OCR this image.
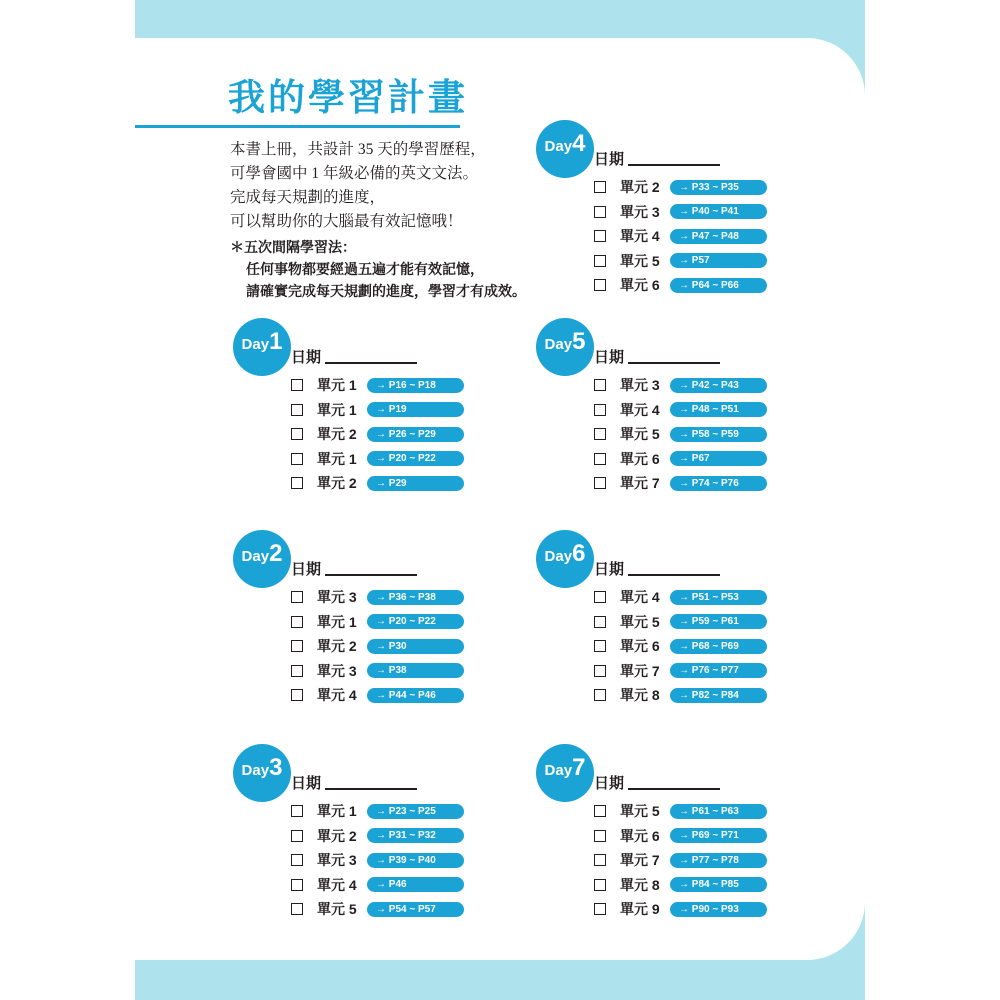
我的學習計畫
本書上冊，共設計 35 天的學習歷程，
可學會國中 1 年級必備的英文文法。
完成每天規劃的進度，
可以幫助你的大腦最有效記憶哦！
＊五次間隔學習法：
任何事物都要經過五遍才能有效記憶，
請確實完成每天規劃的進度，學習才有成效。
Day 1
日期
單元 1	→ P16 ~ P18
單元 1	→ P19
單元 2	→ P26 ~ P29
單元 1	→ P20 ~ P22
單元 2	→ P29
Day 2
日期
單元 3	→ P36 ~ P38
單元 1	→ P20 ~ P22
單元 2	→ P30
單元 3	→ P38
單元 4	→ P44 ~ P46
Day 3
日期
單元 1	→ P23 ~ P25
單元 2	→ P31 ~ P32
單元 3	→ P39 ~ P40
單元 4	→ P46
單元 5	→ P54 ~ P57
Day 4
日期
單元 2	→ P33 ~ P35
單元 3	→ P40 ~ P41
單元 4	→ P47 ~ P48
單元 5	→ P57
單元 6	→ P64 ~ P66
Day 5
日期
單元 3	→ P42 ~ P43
單元 4	→ P48 ~ P51
單元 5	→ P58 ~ P59
單元 6	→ P67
單元 7	→ P74 ~ P76
Day 6
日期
單元 4	→ P51 ~ P53
單元 5	→ P59 ~ P61
單元 6	→ P68 ~ P69
單元 7	→ P76 ~ P77
單元 8	→ P82 ~ P84
Day 7
日期
單元 5	→ P61 ~ P63
單元 6	→ P69 ~ P71
單元 7	→ P77 ~ P78
單元 8	→ P84 ~ P85
單元 9	→ P90 ~ P93
